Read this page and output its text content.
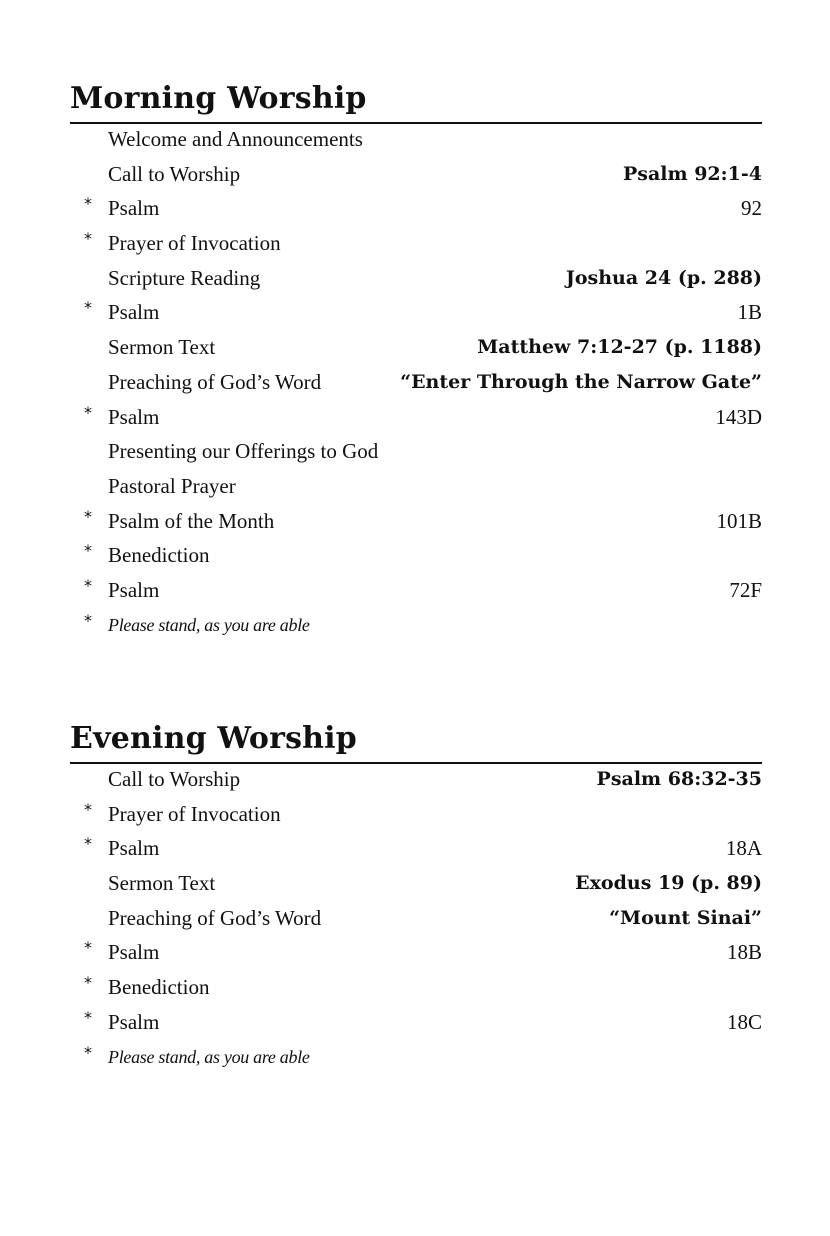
Morning Worship
Welcome and Announcements
Call to Worship	Psalm 92:1-4
* Psalm	92
* Prayer of Invocation
Scripture Reading	Joshua 24 (p. 288)
* Psalm	1B
Sermon Text	Matthew 7:12-27 (p. 1188)
Preaching of God’s Word	“Enter Through the Narrow Gate”
* Psalm	143D
Presenting our Offerings to God
Pastoral Prayer
* Psalm of the Month	101B
* Benediction
* Psalm	72F
* Please stand, as you are able
Evening Worship
Call to Worship	Psalm 68:32-35
* Prayer of Invocation
* Psalm	18A
Sermon Text	Exodus 19 (p. 89)
Preaching of God’s Word	“Mount Sinai”
* Psalm	18B
* Benediction
* Psalm	18C
* Please stand, as you are able
